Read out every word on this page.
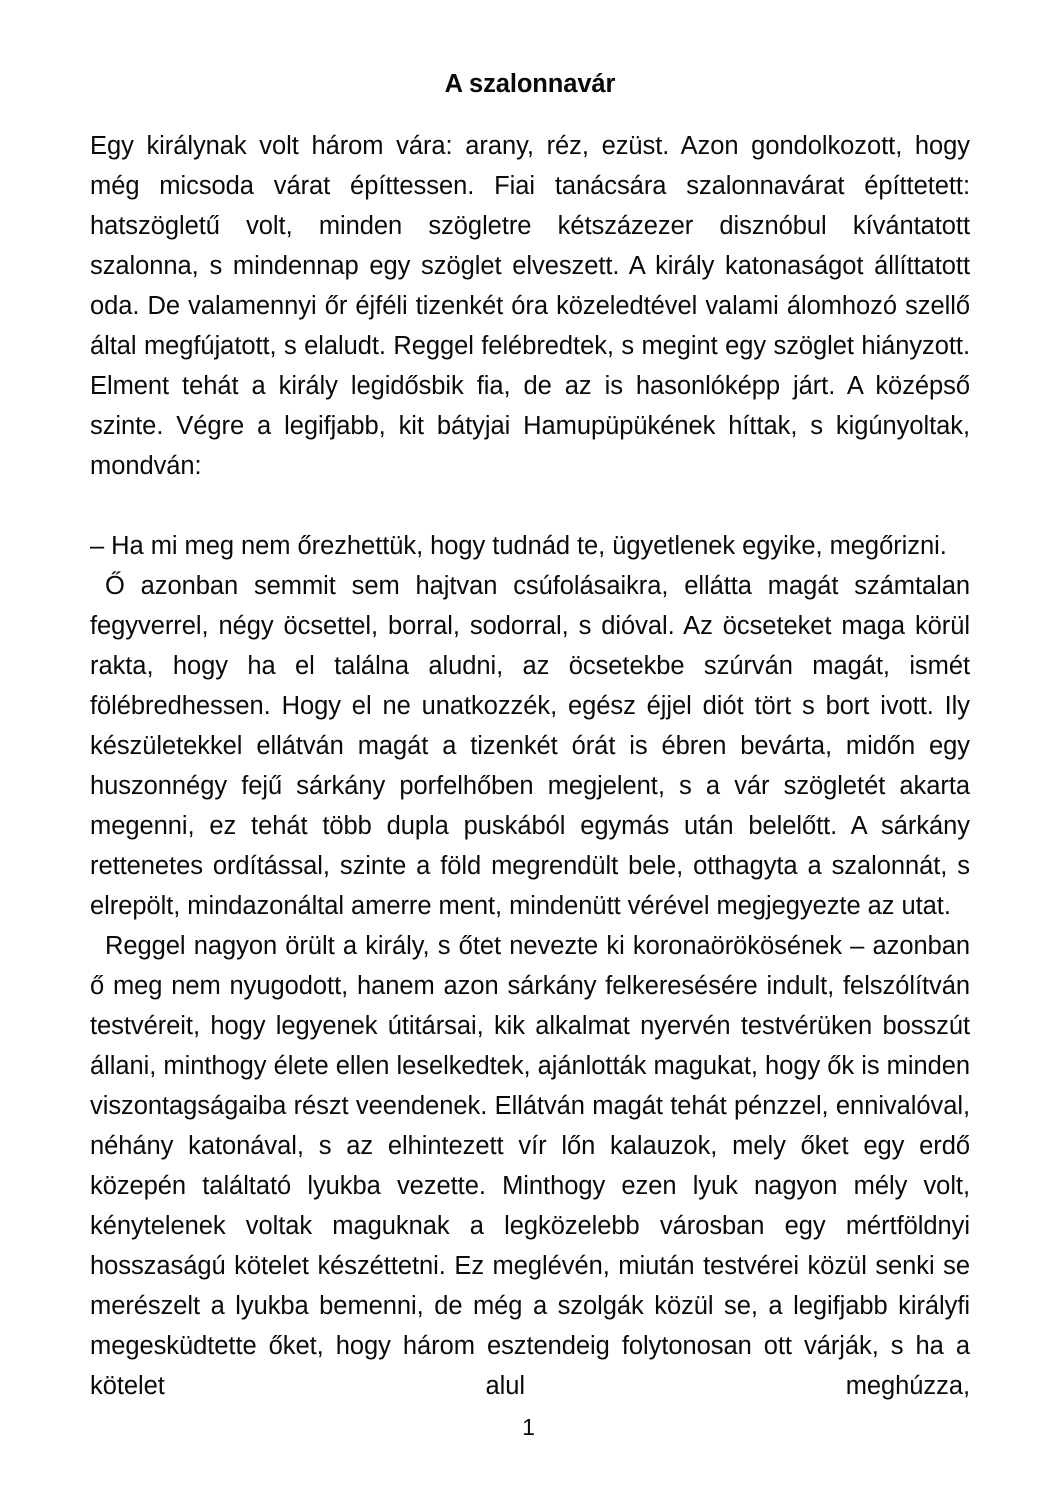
A szalonnavár

Egy királynak volt három vára: arany, réz, ezüst. Azon gondolkozott, hogy még micsoda várat építtessen. Fiai tanácsára szalonnavárat építtetett: hatszögletű volt, minden szögletre kétszázezer disznóbul kívántatott szalonna, s mindennap egy szöglet elveszett. A király katonaságot állíttatott oda. De valamennyi őr éjféli tizenkét óra közeledtével valami álomhozó szellő által megfújatott, s elaludt. Reggel felébredtek, s megint egy szöglet hiányzott. Elment tehát a király legidősbik fia, de az is hasonlóképp járt. A középső szinte. Végre a legifjabb, kit bátyjai Hamupüpükének híttak, s kigúnyoltak, mondván:

– Ha mi meg nem őrezhettük, hogy tudnád te, ügyetlenek egyike, megőrizni.

Ő azonban semmit sem hajtvan csúfolásaikra, ellátta magát számtalan fegyverrel, négy öcsettel, borral, sodorral, s dióval. Az öcseteket maga körül rakta, hogy ha el találna aludni, az öcsetekbe szúrván magát, ismét fölébredhessen. Hogy el ne unatkozzék, egész éjjel diót tört s bort ivott. Ily készületekkel ellátván magát a tizenkét órát is ébren bevárta, midőn egy huszonnégy fejű sárkány porfelhőben megjelent, s a vár szögletét akarta megenni, ez tehát több dupla puskából egymás után belelőtt. A sárkány rettenetes ordítással, szinte a föld megrendült bele, otthagyta a szalonnát, s elrepölt, mindazonáltal amerre ment, mindenütt vérével megjegyezte az utat.

Reggel nagyon örült a király, s őtet nevezte ki koronaörökösének – azonban ő meg nem nyugodott, hanem azon sárkány felkeresésére indult, felszólítván testvéreit, hogy legyenek útitársai, kik alkalmat nyervén testvérüken bosszút állani, minthogy élete ellen leselkedtek, ajánlották magukat, hogy ők is minden viszontagságaiba részt veendenek. Ellátván magát tehát pénzzel, ennivalóval, néhány katonával, s az elhintezett vír lőn kalauzok, mely őket egy erdő közepén találtató lyukba vezette. Minthogy ezen lyuk nagyon mély volt, kénytelenek voltak maguknak a legközelebb városban egy mértföldnyi hosszaságú kötelet készéttetni. Ez meglévén, miután testvérei közül senki se merészelt a lyukba bemenni, de még a szolgák közül se, a legifjabb királyfi megesküdtette őket, hogy három esztendeig folytonosan ott várják, s ha a kötelet alul meghúzza,

1
